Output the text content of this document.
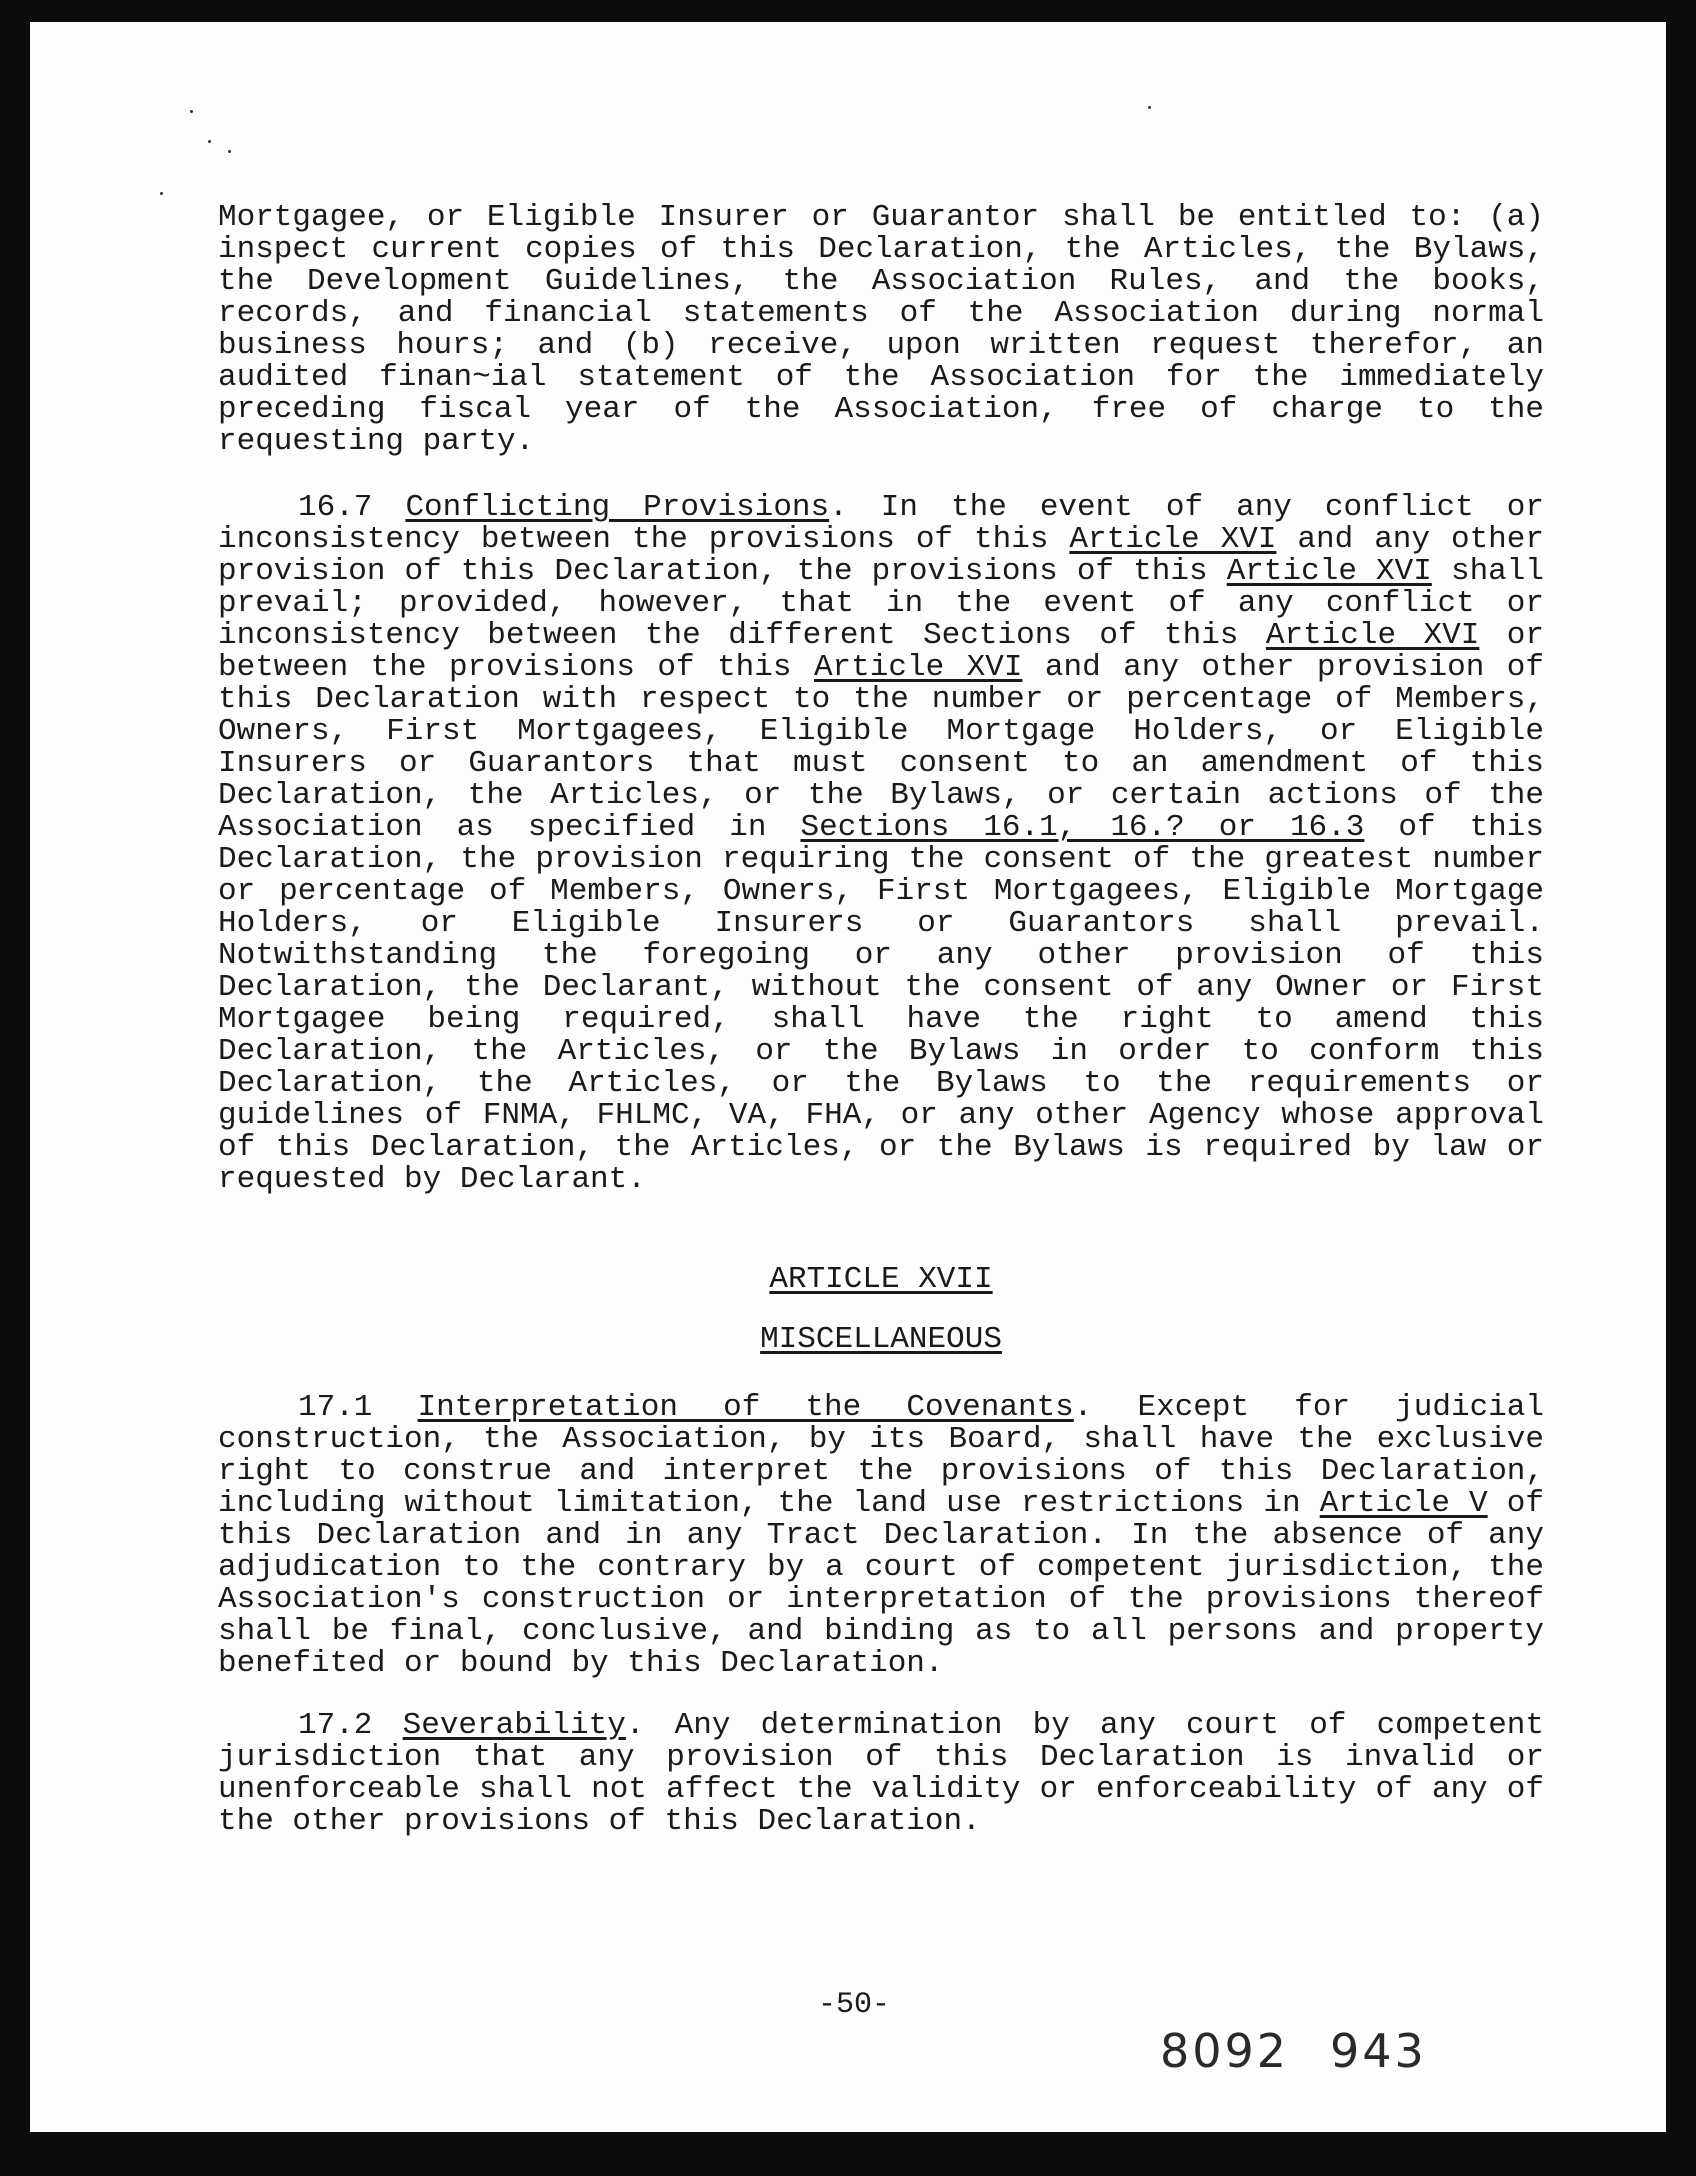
Mortgagee, or Eligible Insurer or Guarantor shall be entitled to: (a) inspect current copies of this Declaration, the Articles, the Bylaws, the Development Guidelines, the Association Rules, and the books, records, and financial statements of the Association during normal business hours; and (b) receive, upon written request therefor, an audited finan~ial statement of the Association for the immediately preceding fiscal year of the Association, free of charge to the requesting party.

16.7 Conflicting Provisions. In the event of any conflict or inconsistency between the provisions of this Article XVI and any other provision of this Declaration, the provisions of this Article XVI shall prevail; provided, however, that in the event of any conflict or inconsistency between the different Sections of this Article XVI or between the provisions of this Article XVI and any other provision of this Declaration with respect to the number or percentage of Members, Owners, First Mortgagees, Eligible Mortgage Holders, or Eligible Insurers or Guarantors that must consent to an amendment of this Declaration, the Articles, or the Bylaws, or certain actions of the Association as specified in Sections 16.1, 16.? or 16.3 of this Declaration, the provision requiring the consent of the greatest number or percentage of Members, Owners, First Mortgagees, Eligible Mortgage Holders, or Eligible Insurers or Guarantors shall prevail. Notwithstanding the foregoing or any other provision of this Declaration, the Declarant, without the consent of any Owner or First Mortgagee being required, shall have the right to amend this Declaration, the Articles, or the Bylaws in order to conform this Declaration, the Articles, or the Bylaws to the requirements or guidelines of FNMA, FHLMC, VA, FHA, or any other Agency whose approval of this Declaration, the Articles, or the Bylaws is required by law or requested by Declarant.

ARTICLE XVII
MISCELLANEOUS

17.1 Interpretation of the Covenants. Except for judicial construction, the Association, by its Board, shall have the exclusive right to construe and interpret the provisions of this Declaration, including without limitation, the land use restrictions in Article V of this Declaration and in any Tract Declaration. In the absence of any adjudication to the contrary by a court of competent jurisdiction, the Association's construction or interpretation of the provisions thereof shall be final, conclusive, and binding as to all persons and property benefited or bound by this Declaration.

17.2 Severability. Any determination by any court of competent jurisdiction that any provision of this Declaration is invalid or unenforceable shall not affect the validity or enforceability of any of the other provisions of this Declaration.

-50-
8092 943
